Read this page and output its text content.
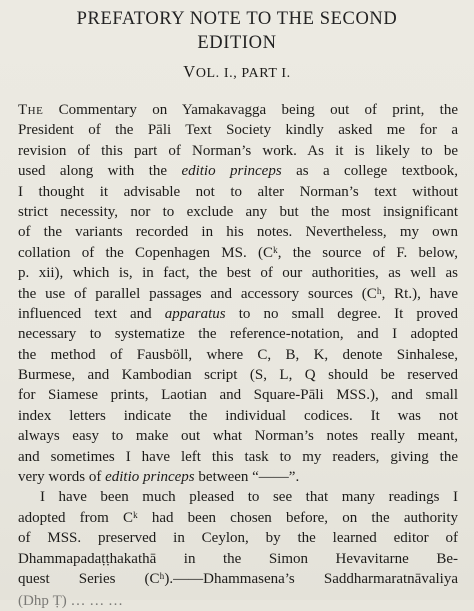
PREFATORY NOTE TO THE SECOND
EDITION
VOL. I., PART I.
The Commentary on Yamakavagga being out of print, the
President of the Pāli Text Society kindly asked me for a
revision of this part of Norman’s work. As it is likely to be
used along with the editio princeps as a college textbook,
I thought it advisable not to alter Norman’s text without
strict necessity, nor to exclude any but the most insignificant
of the variants recorded in his notes. Nevertheless, my own
collation of the Copenhagen MS. (Cᵏ, the source of F. below,
p. xii), which is, in fact, the best of our authorities, as well as
the use of parallel passages and accessory sources (Cʰ, Rt.), have
influenced text and apparatus to no small degree. It proved
necessary to systematize the reference-notation, and I adopted
the method of Fausböll, where C, B, K, denote Sinhalese,
Burmese, and Kambodian script (S, L, Q should be reserved
for Siamese prints, Laotian and Square-Pāli MSS.), and small
index letters indicate the individual codices. It was not
always easy to make out what Norman’s notes really meant,
and sometimes I have left this task to my readers, giving the
very words of editio princeps between “——”.
I have been much pleased to see that many readings I
adopted from Cᵏ had been chosen before, on the authority
of MSS. preserved in Ceylon, by the learned editor of
Dhammapadaṭṭhakathā in the Simon Hevavitarne Be-
quest Series (Cʰ).——Dhammasena’s Saddharmaratnāvaliya
(Dhp Ṭ) … … …
